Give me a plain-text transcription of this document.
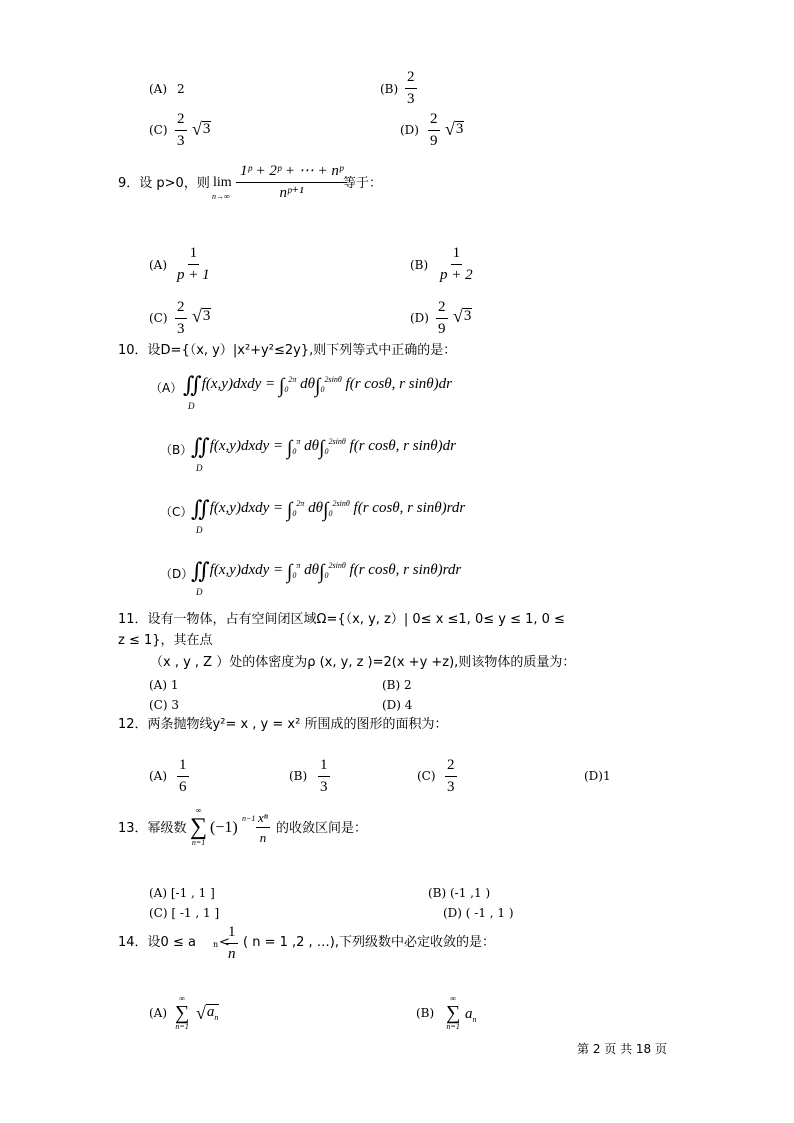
(A) 2	$(B) \frac{2}{3}$
$(C) \frac{2}{3}$ √ 3	$(D) \frac{2}{9}$ √ 3
9．设 p>0，则 lim
$n\to\infty \frac{\text{1ᵖ + 2ᵖ + ⋯ + nᵖ}}{\text{nᵖ⁺¹}}$
等于：
$(A) \frac{1}{p + 1}$	$(B) \frac{1}{p + 2}$
$(C) \frac{2}{3}$ √ 3	$(D) \frac{2}{9}$ √ 3
10．设D={（x, y）|x²+y²≤2y},则下列等式中正确的是：
（A） ∬f(x,y)dxdy = $\int_0^{2\pi}$ $d\theta\int_0^{2sin\theta}$ f(r cosθ, r sinθ)dr
D
（B）
∬f(x,y)dxdy = $\int_0^\pi$ $d\theta\int_0^{2sin\theta}$ f(r cosθ, r sinθ)dr
D
（C）
∬f(x,y)dxdy = $\int_0^{2\pi}$ $d\theta\int_0^{2sin\theta}$ f(r cosθ, r sinθ)rdr
D
（D）
∬f(x,y)dxdy = $\int_0^\pi$ $d\theta\int_0^{2sin\theta}$ f(r cosθ, r sinθ)rdr
D
11．设有一物体，占有空间闭区域Ω={（x, y, z）| 0≤ x ≤1, 0≤ y ≤ 1, 0 ≤
z ≤ 1}，其在点
（x , y , Z ）处的体密度为ρ (x, y, z )=2(x +y +z),则该物体的质量为：
(A) 1	(B) 2
(C) 3	(D) 4
12．两条抛物线y²= x , y = x² 所围成的图形的面积为：
$(A) \frac{1}{6}$	$(B) \frac{1}{3}$	$(C) \frac{2}{3}$	(D)1
13．幂级数
∞
∑
n=1
(−1)
$n-1 \frac{\text{xⁿ}}{n}$ 的收敛区间是：
(A) [-1 , 1 ]	(B) (-1 ,1 )
(C) [ -1 , 1 ]	(D) ( -1 , 1 )
14．设0 ≤ a n <
$\frac{1}{n}$ ( n = 1 ,2 , …),下列级数中必定收敛的是：
(A)
∞
∑
n=1
√ $a_n$	(B)
∞
∑
n=1
$a_n$
第 2 页 共 18 页
